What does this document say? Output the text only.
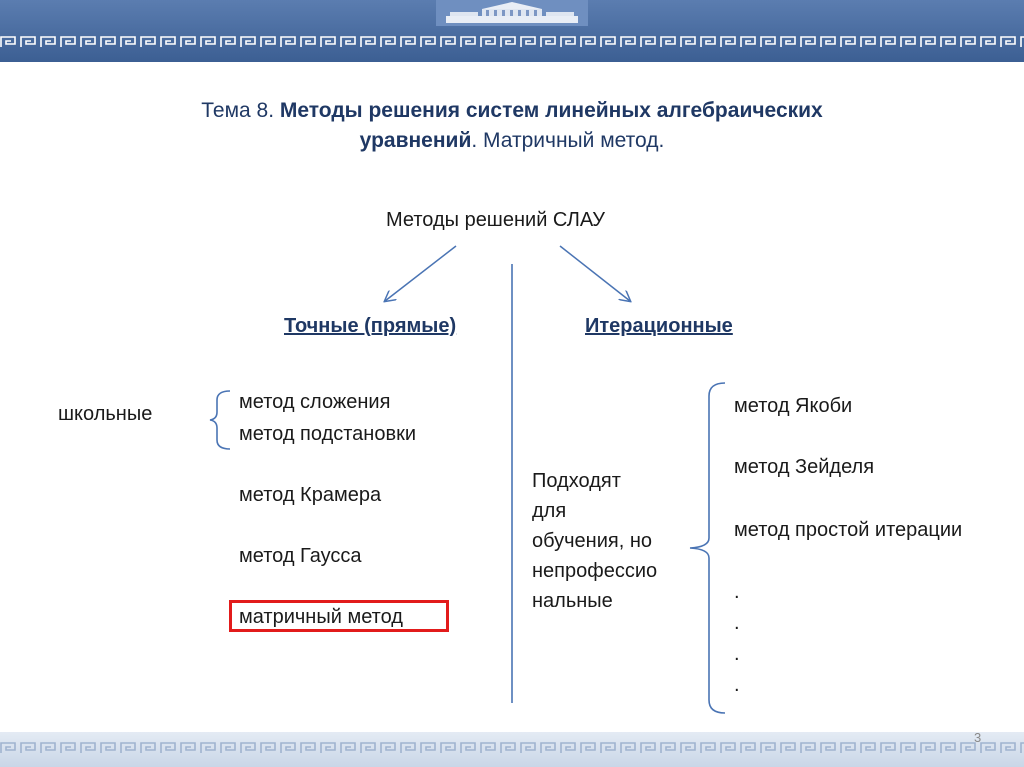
Тема 8. Методы решения систем линейных алгебраических
уравнений. Матричный метод.
Методы решений СЛАУ
Точные (прямые)	Итерационные
школьные
метод сложения
метод подстановки
метод Крамера
метод Гаусса
матричный метод
Подходят
для
обучения, но
непрофессио
нальные
метод Якоби
метод Зейделя
метод простой итерации
.
.
.
.
3
